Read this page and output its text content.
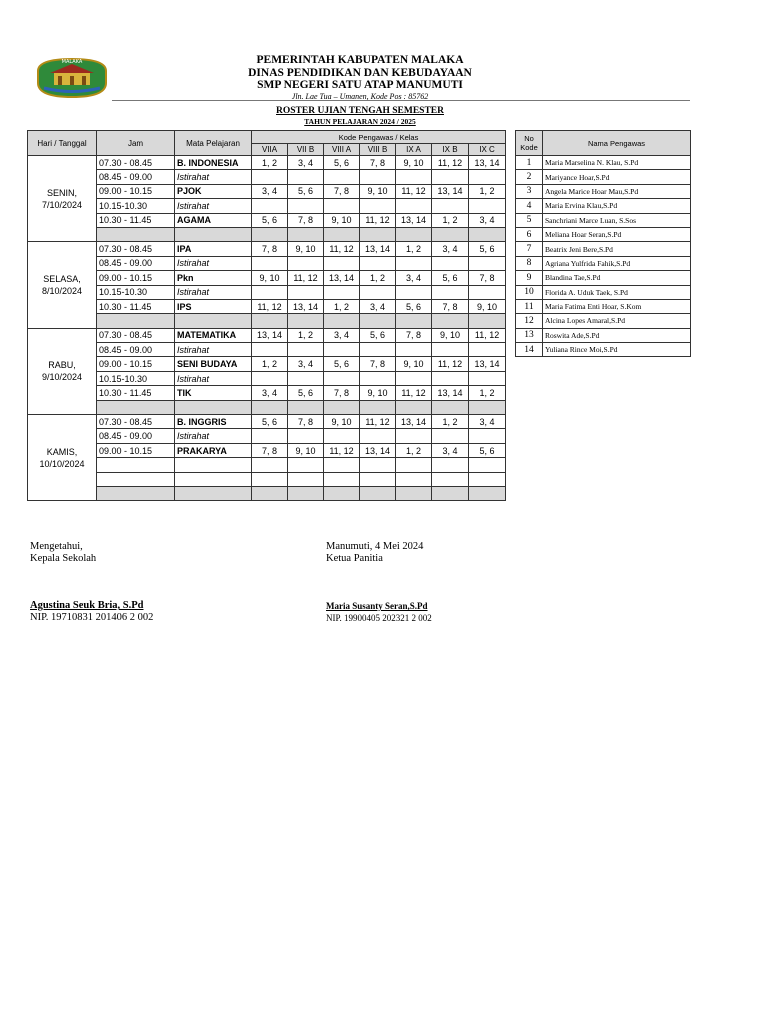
MALAKA	PEMERINTAH KABUPATEN MALAKA
DINAS PENDIDIKAN DAN KEBUDAYAAN
SMP NEGERI SATU ATAP MANUMUTI
Jln. Lae Tua – Umanen, Kode Pos : 85762
ROSTER UJIAN TENGAH SEMESTER
TAHUN PELAJARAN 2024 / 2025
Hari / Tanggal	Jam	Mata Pelajaran	Kode Pengawas / Kelas						
			VIIA	VII B	VIII A	VIII B	IX A	IX B	IX C

SENIN,
7/10/2024	07.30 - 08.45	B. INDONESIA	1, 2	3, 4	5, 6	7, 8	9, 10	11, 12	13, 14
	08.45 - 09.00	Istirahat							
	09.00 - 10.15	PJOK	3, 4	5, 6	7, 8	9, 10	11, 12	13, 14	1, 2
	10.15-10.30	Istirahat							
	10.30 - 11.45	AGAMA	5, 6	7, 8	9, 10	11, 12	13, 14	1, 2	3, 4

SELASA,
8/10/2024	07.30 - 08.45	IPA	7, 8	9, 10	11, 12	13, 14	1, 2	3, 4	5, 6
	08.45 - 09.00	Istirahat							
	09.00 - 10.15	Pkn	9, 10	11, 12	13, 14	1, 2	3, 4	5, 6	7, 8
	10.15-10.30	Istirahat							
	10.30 - 11.45	IPS	11, 12	13, 14	1, 2	3, 4	5, 6	7, 8	9, 10

RABU,
9/10/2024	07.30 - 08.45	MATEMATIKA	13, 14	1, 2	3, 4	5, 6	7, 8	9, 10	11, 12
	08.45 - 09.00	Istirahat							
	09.00 - 10.15	SENI BUDAYA	1, 2	3, 4	5, 6	7, 8	9, 10	11, 12	13, 14
	10.15-10.30	Istirahat							
	10.30 - 11.45	TIK	3, 4	5, 6	7, 8	9, 10	11, 12	13, 14	1, 2

KAMIS,
10/10/2024	07.30 - 08.45	B. INGGRIS	5, 6	7, 8	9, 10	11, 12	13, 14	1, 2	3, 4
	08.45 - 09.00	Istirahat							
	09.00 - 10.15	PRAKARYA	7, 8	9, 10	11, 12	13, 14	1, 2	3, 4	5, 6

No Kode	Nama Pengawas
1	Maria Marselina N. Klau, S.Pd
2	Mariyance Hoar,S.Pd
3	Angela Marice Hoar Mau,S.Pd
4	Maria Ervina Klau,S.Pd
5	Sanchriani Marce Luan, S.Sos
6	Meliana Hoar Seran,S.Pd
7	Beatrix Jeni Bere,S.Pd
8	Agriana Yulfrida Fahik,S.Pd
9	Blandina Tae,S.Pd
10	Florida A. Uduk Taek, S.Pd
11	Maria Fatima Enti Hoar, S.Kom
12	Alcina Lopes Amaral,S.Pd
13	Roswita Ade,S.Pd
14	Yuliana Rince Moi,S.Pd
Mengetahui,
Kepala Sekolah
Agustina Seuk Bria, S.Pd
NIP. 19710831 201406 2 002
Manumuti, 4 Mei 2024
Ketua Panitia
Maria Susanty Seran,S.Pd
NIP. 19900405 202321 2 002
